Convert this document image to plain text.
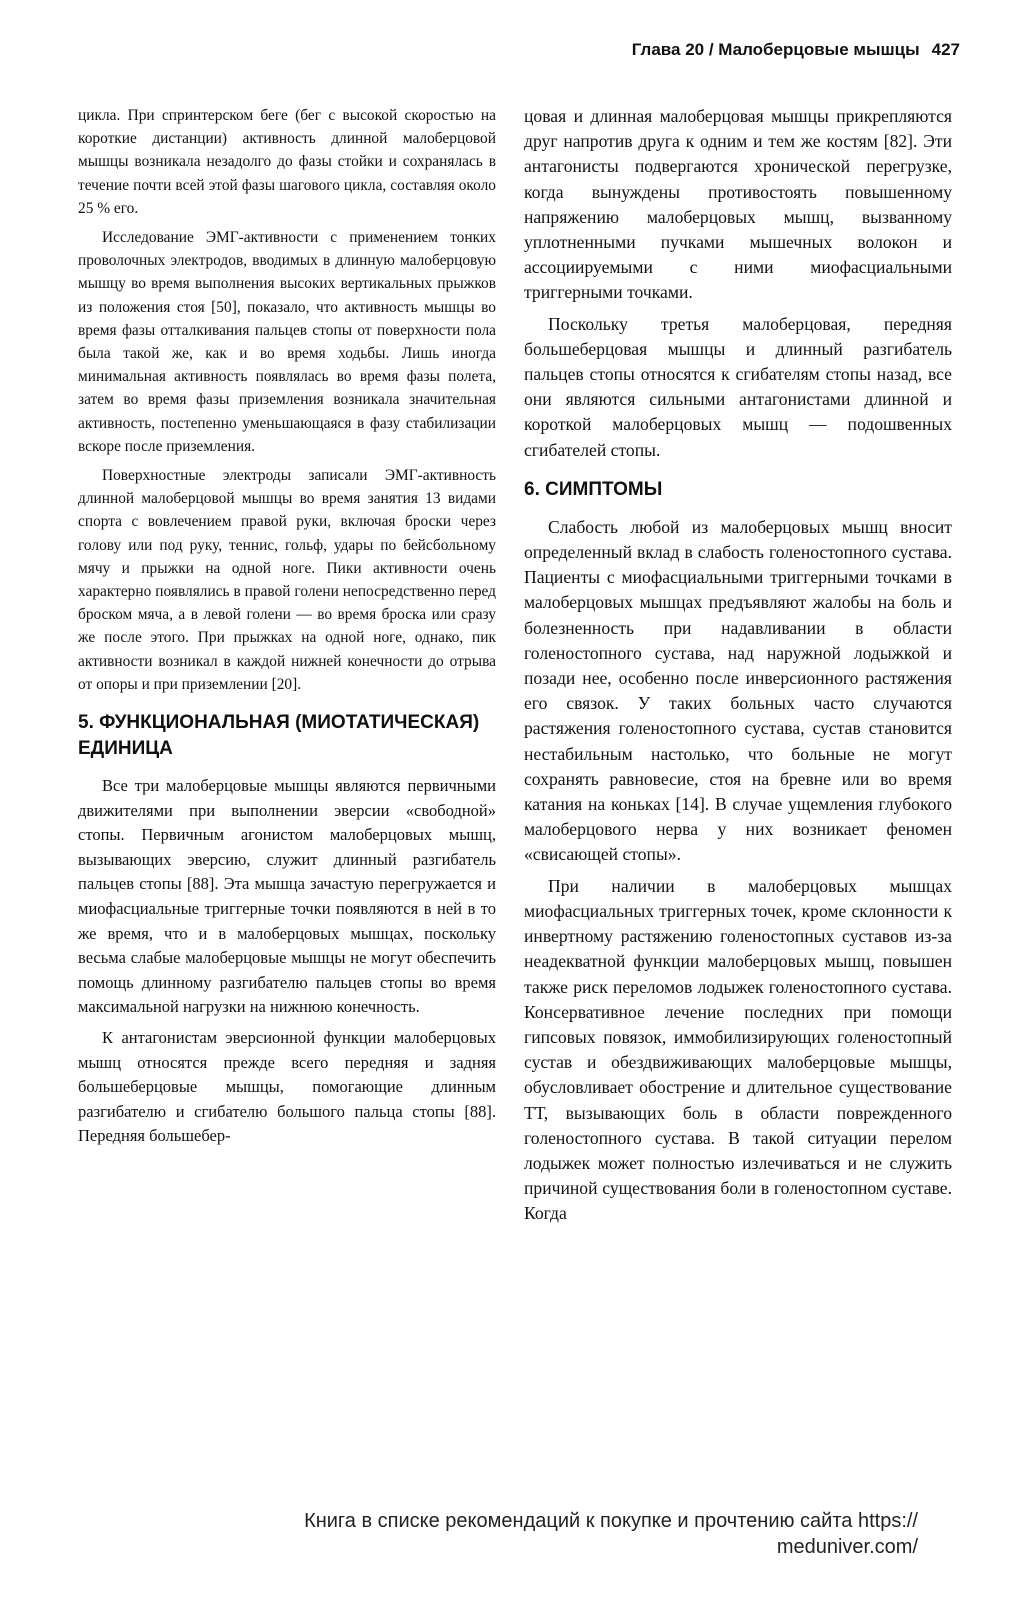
Глава 20 / Малоберцовые мышцы 427

цикла. При спринтерском беге (бег с высокой скоростью на короткие дистанции) активность длинной малоберцовой мышцы возникала незадолго до фазы стойки и сохранялась в течение почти всей этой фазы шагового цикла, составляя около 25 % его.

Исследование ЭМГ-активности с применением тонких проволочных электродов, вводимых в длинную малоберцовую мышцу во время выполнения высоких вертикальных прыжков из положения стоя [50], показало, что активность мышцы во время фазы отталкивания пальцев стопы от поверхности пола была такой же, как и во время ходьбы. Лишь иногда минимальная активность появлялась во время фазы полета, затем во время фазы приземления возникала значительная активность, постепенно уменьшающаяся в фазу стабилизации вскоре после приземления.

Поверхностные электроды записали ЭМГ-активность длинной малоберцовой мышцы во время занятия 13 видами спорта с вовлечением правой руки, включая броски через голову или под руку, теннис, гольф, удары по бейсбольному мячу и прыжки на одной ноге. Пики активности очень характерно появлялись в правой голени непосредственно перед броском мяча, а в левой голени — во время броска или сразу же после этого. При прыжках на одной ноге, однако, пик активности возникал в каждой нижней конечности до отрыва от опоры и при приземлении [20].

5. ФУНКЦИОНАЛЬНАЯ (МИОТАТИЧЕСКАЯ) ЕДИНИЦА

Все три малоберцовые мышцы являются первичными движителями при выполнении эверсии «свободной» стопы. Первичным агонистом малоберцовых мышц, вызывающих эверсию, служит длинный разгибатель пальцев стопы [88]. Эта мышца зачастую перегружается и миофасциальные триггерные точки появляются в ней в то же время, что и в малоберцовых мышцах, поскольку весьма слабые малоберцовые мышцы не могут обеспечить помощь длинному разгибателю пальцев стопы во время максимальной нагрузки на нижнюю конечность.

К антагонистам эверсионной функции малоберцовых мышц относятся прежде всего передняя и задняя большеберцовые мышцы, помогающие длинным разгибателю и сгибателю большого пальца стопы [88]. Передняя большебер-

цовая и длинная малоберцовая мышцы прикрепляются друг напротив друга к одним и тем же костям [82]. Эти антагонисты подвергаются хронической перегрузке, когда вынуждены противостоять повышенному напряжению малоберцовых мышц, вызванному уплотненными пучками мышечных волокон и ассоциируемыми с ними миофасциальными триггерными точками.

Поскольку третья малоберцовая, передняя большеберцовая мышцы и длинный разгибатель пальцев стопы относятся к сгибателям стопы назад, все они являются сильными антагонистами длинной и короткой малоберцовых мышц — подошвенных сгибателей стопы.

6. СИМПТОМЫ

Слабость любой из малоберцовых мышц вносит определенный вклад в слабость голеностопного сустава. Пациенты с миофасциальными триггерными точками в малоберцовых мышцах предъявляют жалобы на боль и болезненность при надавливании в области голеностопного сустава, над наружной лодыжкой и позади нее, особенно после инверсионного растяжения его связок. У таких больных часто случаются растяжения голеностопного сустава, сустав становится нестабильным настолько, что больные не могут сохранять равновесие, стоя на бревне или во время катания на коньках [14]. В случае ущемления глубокого малоберцового нерва у них возникает феномен «свисающей стопы».

При наличии в малоберцовых мышцах миофасциальных триггерных точек, кроме склонности к инвертному растяжению голеностопных суставов из-за неадекватной функции малоберцовых мышц, повышен также риск переломов лодыжек голеностопного сустава. Консервативное лечение последних при помощи гипсовых повязок, иммобилизирующих голеностопный сустав и обездвиживающих малоберцовые мышцы, обусловливает обострение и длительное существование ТТ, вызывающих боль в области поврежденного голеностопного сустава. В такой ситуации перелом лодыжек может полностью излечиваться и не служить причиной существования боли в голеностопном суставе. Когда

Книга в списке рекомендаций к покупке и прочтению сайта https://
meduniver.com/
